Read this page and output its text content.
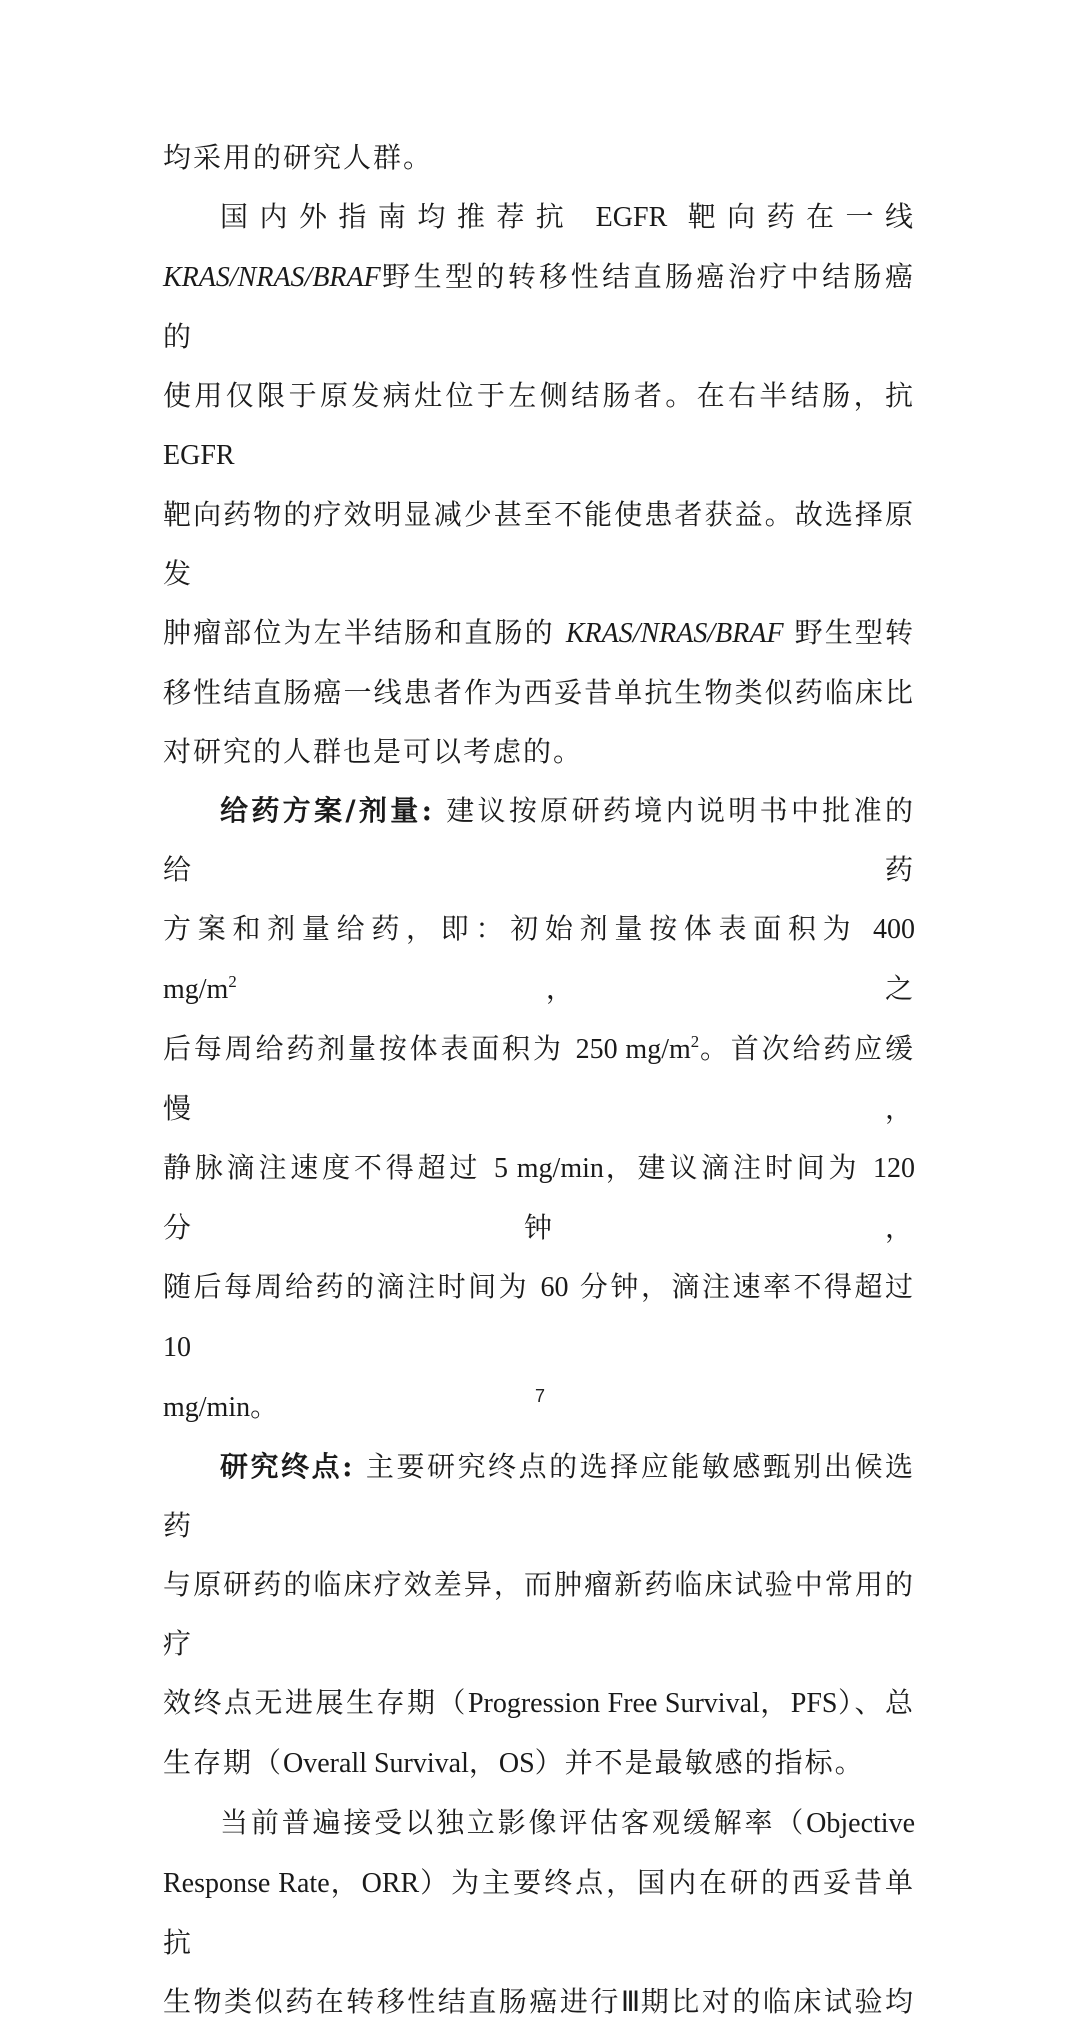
均采用的研究人群。

国内外指南均推荐抗 EGFR 靶向药在一线

KRAS/NRAS/BRAF野生型的转移性结直肠癌治疗中结肠癌的

使用仅限于原发病灶位于左侧结肠者。在右半结肠，抗 EGFR

靶向药物的疗效明显减少甚至不能使患者获益。故选择原发

肿瘤部位为左半结肠和直肠的 KRAS/NRAS/BRAF 野生型转

移性结直肠癌一线患者作为西妥昔单抗生物类似药临床比

对研究的人群也是可以考虑的。

给药方案/剂量: 建议按原研药境内说明书中批准的给药

方案和剂量给药，即：初始剂量按体表面积为 400 $mg/m^2$，之

后每周给药剂量按体表面积为 250 $mg/m^2$。首次给药应缓慢，

静脉滴注速度不得超过 5 mg/min，建议滴注时间为 120 分钟，

随后每周给药的滴注时间为 60 分钟，滴注速率不得超过 10

mg/min。

研究终点: 主要研究终点的选择应能敏感甄别出候选药

与原研药的临床疗效差异，而肿瘤新药临床试验中常用的疗

效终点无进展生存期（Progression Free Survival，PFS）、总

生存期（Overall Survival，OS）并不是最敏感的指标。

当前普遍接受以独立影像评估客观缓解率（Objective

Response Rate，ORR）为主要终点，国内在研的西妥昔单抗

生物类似药在转移性结直肠癌进行Ⅲ期比对的临床试验均

7
